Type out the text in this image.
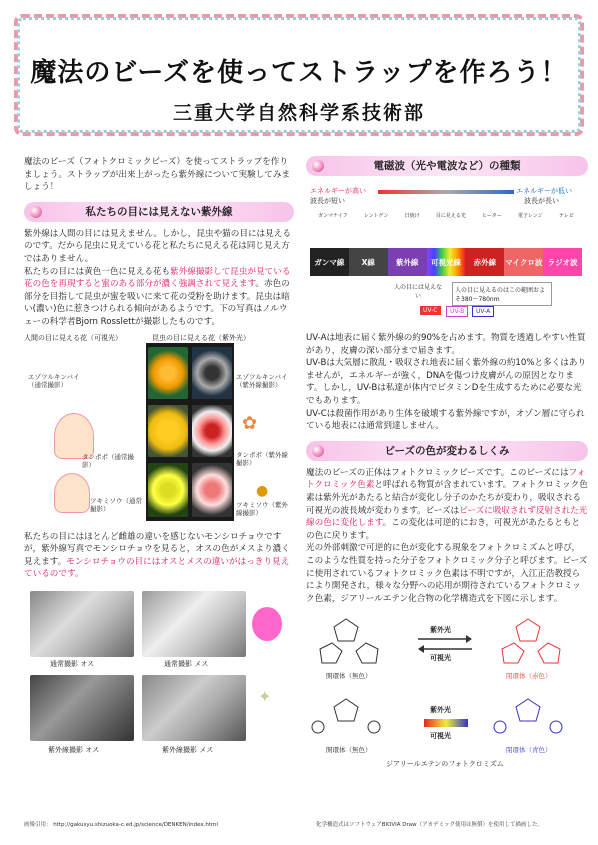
魔法のビーズを使ってストラップを作ろう！
三重大学自然科学系技術部

魔法のビーズ（フォトクロミックビーズ）を使ってストラップを作りましょう。ストラップが出来上がったら紫外線について実験してみましょう！

私たちの目には見えない紫外線

紫外線は人間の目には見えません。しかし，昆虫や猫の目には見えるのです。だから昆虫に見えている花と私たちに見える花は同じ見え方ではありません。

私たちの目には黄色一色に見える花も紫外線撮影して昆虫が見ている花の色を再現すると蜜のある部分が濃く強調されて見えます。赤色の部分を目指して昆虫が蜜を吸いに来て花の受粉を助けます。昆虫は暗い(濃い)色に惹きつけられる傾向があるようです。下の写真はノルウェーの科学者Bjorn Rosslettが撮影したものです。

人間の目に見える花（可視光）	昆虫の目に見える花（紫外光）
エゾツルキンバイ（通常撮影）
エゾツルキンバイ（紫外線撮影）
タンポポ（通常撮影）
✿
タンポポ（紫外線撮影）
ツキミソウ（通常撮影）
●
ツキミソウ（紫外線撮影）

私たちの目にはほとんど雌雄の違いを感じないモンシロチョウですが，紫外線写真でモンシロチョウを見ると，オスの色がメスより濃く見えます。モンシロチョウの目にはオスとメスの違いがはっきり見えているのです。

通常撮影 オス	通常撮影 メス
紫外線撮影 オス	紫外線撮影 メス
✦
画像引用： http://gakusyu.shizuoka-c.ed.jp/science/DENKEN/index.html
電磁波（光や電波など）の種類
エネルギーが高い
波長が短い
エネルギーが低い
波長が長い
ガンマナイフ	レントゲン	日焼け	目に見える光	ヒーター	電子レンジ	テレビ
ガンマ線	X線	紫外線	可視光線	赤外線	マイクロ波 ラジオ波
人の目には見えない
人の目に見えるのはこの範囲およそ380〜780nm
UV-C	UV-B	UV-A

UV-Aは地表に届く紫外線の約90%を占めます。物質を透過しやすい性質があり，皮膚の深い部分まで届きます。

UV-Bは大気層に散乱・吸収され地表に届く紫外線の約10%と多くはありませんが，エネルギーが強く，DNAを傷つけ皮膚がんの原因となります。しかし，UV-Bは私達が体内でビタミンDを生成するために必要な光でもあります。

UV-Cは殺菌作用があり生体を破壊する紫外線ですが，オゾン層に守られている地表には通常到達しません。

ビーズの色が変わるしくみ

魔法のビーズの正体はフォトクロミックビーズです。このビーズにはフォトクロミック色素と呼ばれる物質が含まれています。フォトクロミック色素は紫外光があたると結合が変化し分子のかたちが変わり，吸収される可視光の波長域が変わります。ビーズはビーズに吸収されず反射された光線の色に変化します。この変化は可逆的におき，可視光があたるともとの色に戻ります。

光の外部刺激で可逆的に色が変化する現象をフォトクロミズムと呼び，このような性質を持った分子をフォトクロミック分子と呼びます。ビーズに使用されているフォトクロミック色素は不明ですが，入江正浩教授らにより開発され，様々な分野への応用が期待されているフォトクロミック色素，ジアリールエテン化合物の化学構造式を下図に示します。

紫外光
可視光
紫外光
可視光
開環体（無色）	閉環体（赤色）
開環体（無色）	閉環体（青色）
ジアリールエテンのフォトクロミズム
化学構造式はソフトウェアBIOVIA Draw（アカデミック使用は無償）を使用して描画した。
